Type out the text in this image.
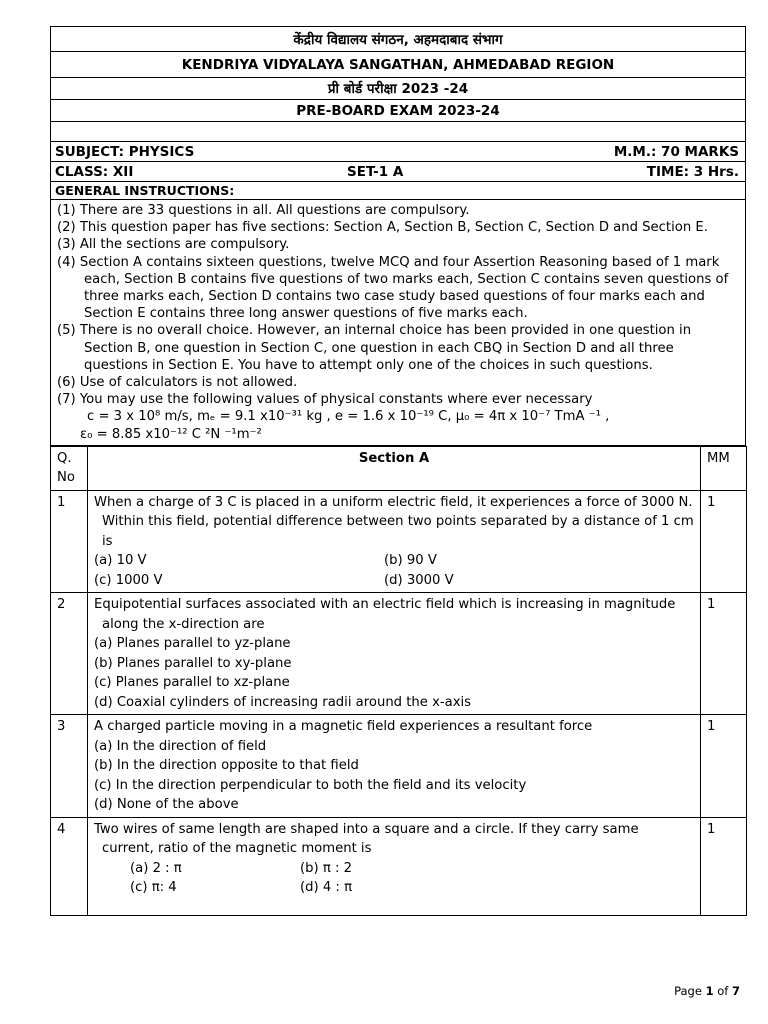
केंद्रीय विद्यालय संगठन, अहमदाबाद संभाग
KENDRIYA VIDYALAYA SANGATHAN, AHMEDABAD REGION
प्री बोर्ड परीक्षा 2023 -24
PRE-BOARD EXAM 2023-24
SUBJECT: PHYSICS	M.M.: 70 MARKS
CLASS: XII	SET-1 A	TIME: 3 Hrs.
GENERAL INSTRUCTIONS:
(1) There are 33 questions in all. All questions are compulsory.
(2) This question paper has five sections: Section A, Section B, Section C, Section D and Section E.
(3) All the sections are compulsory.
(4) Section A contains sixteen questions, twelve MCQ and four Assertion Reasoning based of 1 mark each, Section B contains five questions of two marks each, Section C contains seven questions of three marks each, Section D contains two case study based questions of four marks each and Section E contains three long answer questions of five marks each.
(5) There is no overall choice. However, an internal choice has been provided in one question in Section B, one question in Section C, one question in each CBQ in Section D and all three questions in Section E. You have to attempt only one of the choices in such questions.
(6) Use of calculators is not allowed.
(7) You may use the following values of physical constants where ever necessary
c = 3 x 10⁸ m/s, mₑ = 9.1 x10⁻³¹ kg , e = 1.6 x 10⁻¹⁹ C, μ₀ = 4π x 10⁻⁷ TmA ⁻¹ ,
ε₀ = 8.85 x10⁻¹² C ²N ⁻¹m⁻²
Q. No	Section A	MM
1	When a charge of 3 C is placed in a uniform electric field, it experiences a force of 3000 N. Within this field, potential difference between two points separated by a distance of 1 cm is
(a) 10 V (b) 90 V
(c) 1000 V (d) 3000 V	1
2	Equipotential surfaces associated with an electric field which is increasing in magnitude along the x-direction are
(a) Planes parallel to yz-plane
(b) Planes parallel to xy-plane
(c) Planes parallel to xz-plane
(d) Coaxial cylinders of increasing radii around the x-axis	1
3	A charged particle moving in a magnetic field experiences a resultant force
(a) In the direction of field
(b) In the direction opposite to that field
(c) In the direction perpendicular to both the field and its velocity
(d) None of the above	1
4	Two wires of same length are shaped into a square and a circle. If they carry same current, ratio of the magnetic moment is
(a) 2 : π (b) π : 2
(c) π: 4 (d) 4 : π	1
Page 1 of 7
